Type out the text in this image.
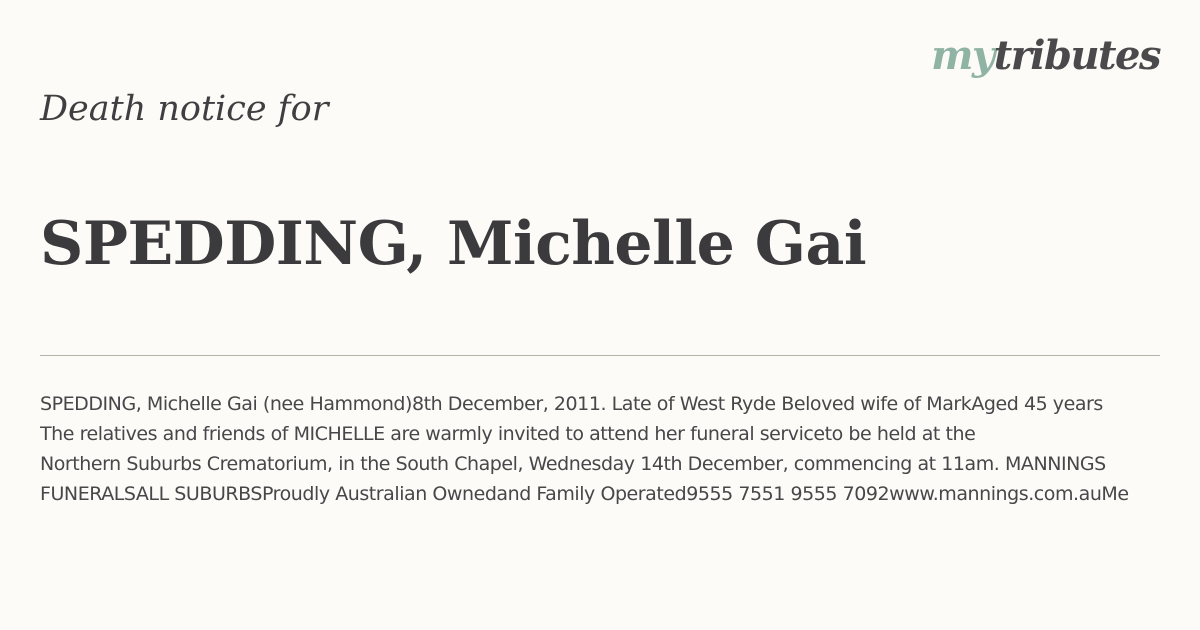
mytributes
Death notice for
SPEDDING, Michelle Gai
SPEDDING, Michelle Gai (nee Hammond)8th December, 2011. Late of West Ryde Beloved wife of MarkAged 45 years
The relatives and friends of MICHELLE are warmly invited to attend her funeral serviceto be held at the
Northern Suburbs Crematorium, in the South Chapel, Wednesday 14th December, commencing at 11am. MANNINGS
FUNERALSALL SUBURBSProudly Australian Ownedand Family Operated9555 7551 9555 7092www.mannings.com.auMe
